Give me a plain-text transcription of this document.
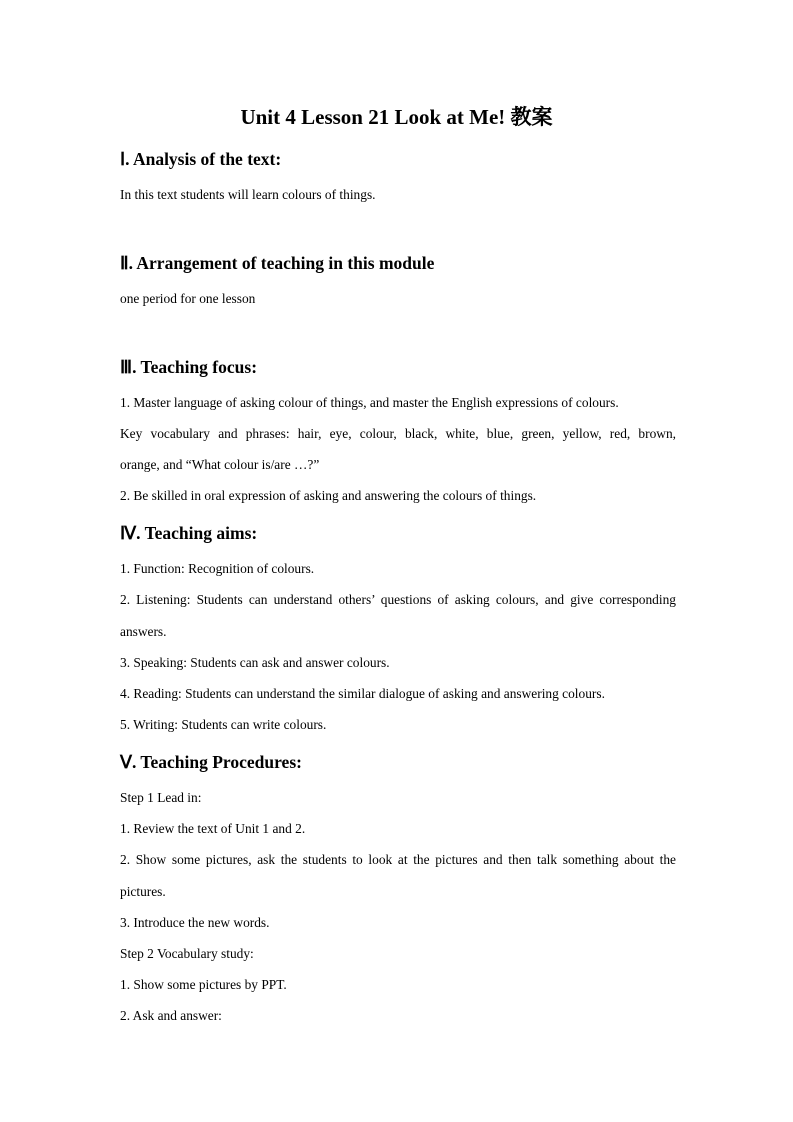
Unit 4 Lesson 21 Look at Me! 教案
Ⅰ. Analysis of the text:
In this text students will learn colours of things.
Ⅱ. Arrangement of teaching in this module
one period for one lesson
Ⅲ. Teaching focus:
1. Master language of asking colour of things, and master the English expressions of colours.
Key vocabulary and phrases: hair, eye, colour, black, white, blue, green, yellow, red, brown,
orange, and “What colour is/are …?”
2. Be skilled in oral expression of asking and answering the colours of things.
Ⅳ. Teaching aims:
1. Function: Recognition of colours.
2. Listening: Students can understand others’ questions of asking colours, and give corresponding
answers.
3. Speaking: Students can ask and answer colours.
4. Reading: Students can understand the similar dialogue of asking and answering colours.
5. Writing: Students can write colours.
Ⅴ. Teaching Procedures:
Step 1 Lead in:
1. Review the text of Unit 1 and 2.
2. Show some pictures, ask the students to look at the pictures and then talk something about the
pictures.
3. Introduce the new words.
Step 2 Vocabulary study:
1. Show some pictures by PPT.
2. Ask and answer:
